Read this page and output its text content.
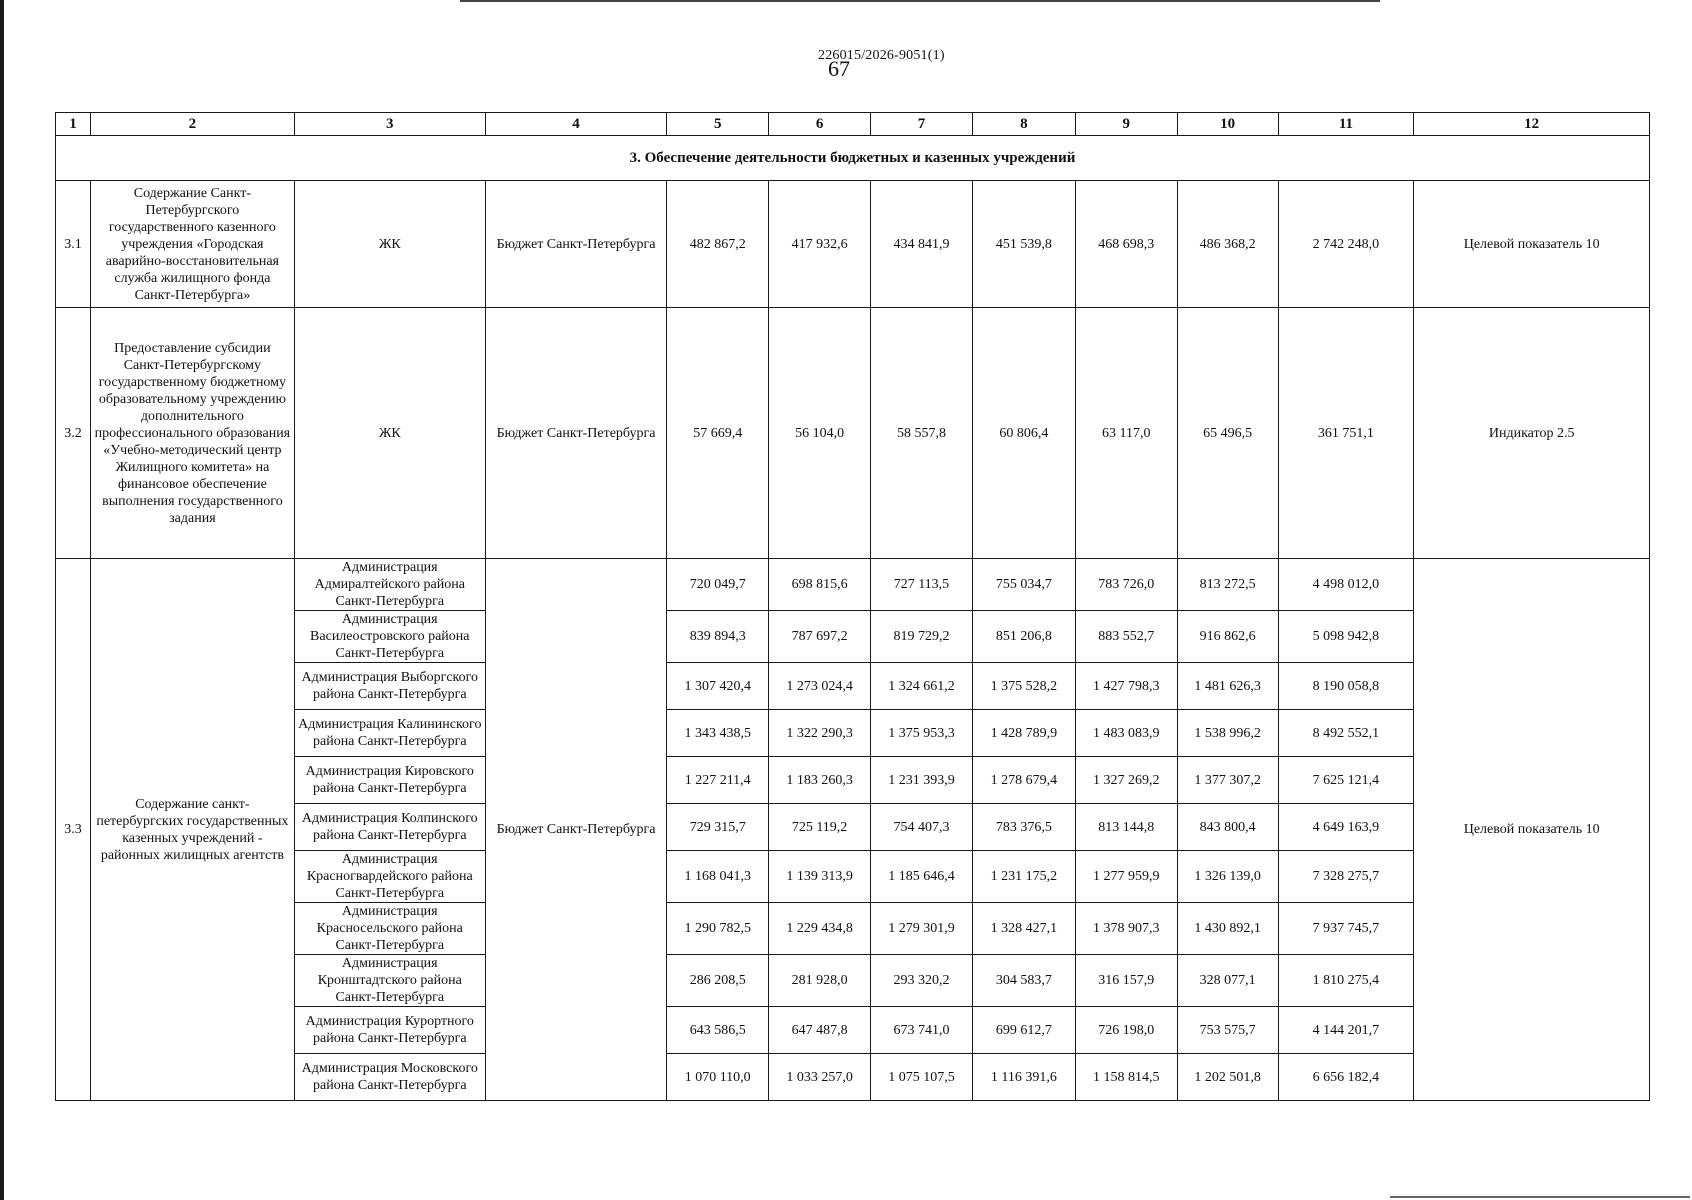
226015/2026-9051(1)
67
1	2	3	4	5	6	7	8	9	10	11	12
3. Обеспечение деятельности бюджетных и казенных учреждений											
3.1	Содержание Санкт-Петербургского государственного казенного учреждения «Городская аварийно-восстановительная служба жилищного фонда Санкт-Петербурга»	ЖК	Бюджет Санкт-Петербурга	482 867,2	417 932,6	434 841,9	451 539,8	468 698,3	486 368,2	2 742 248,0	Целевой показатель 10
3.2	Предоставление субсидии Санкт-Петербургскому государственному бюджетному образовательному учреждению дополнительного профессионального образования «Учебно-методический центр Жилищного комитета» на финансовое обеспечение выполнения государственного задания	ЖК	Бюджет Санкт-Петербурга	57 669,4	56 104,0	58 557,8	60 806,4	63 117,0	65 496,5	361 751,1	Индикатор 2.5
3.3	Содержание санкт-петербургских государственных казенных учреждений - районных жилищных агентств	Администрация Адмиралтейского района Санкт-Петербурга	Бюджет Санкт-Петербурга	720 049,7	698 815,6	727 113,5	755 034,7	783 726,0	813 272,5	4 498 012,0	Целевой показатель 10
		Администрация Василеостровского района Санкт-Петербурга		839 894,3	787 697,2	819 729,2	851 206,8	883 552,7	916 862,6	5 098 942,8	
		Администрация Выборгского района Санкт-Петербурга		1 307 420,4	1 273 024,4	1 324 661,2	1 375 528,2	1 427 798,3	1 481 626,3	8 190 058,8	
		Администрация Калининского района Санкт-Петербурга		1 343 438,5	1 322 290,3	1 375 953,3	1 428 789,9	1 483 083,9	1 538 996,2	8 492 552,1	
		Администрация Кировского района Санкт-Петербурга		1 227 211,4	1 183 260,3	1 231 393,9	1 278 679,4	1 327 269,2	1 377 307,2	7 625 121,4	
		Администрация Колпинского района Санкт-Петербурга		729 315,7	725 119,2	754 407,3	783 376,5	813 144,8	843 800,4	4 649 163,9	
		Администрация Красногвардейского района Санкт-Петербурга		1 168 041,3	1 139 313,9	1 185 646,4	1 231 175,2	1 277 959,9	1 326 139,0	7 328 275,7	
		Администрация Красносельского района Санкт-Петербурга		1 290 782,5	1 229 434,8	1 279 301,9	1 328 427,1	1 378 907,3	1 430 892,1	7 937 745,7	
		Администрация Кронштадтского района Санкт-Петербурга		286 208,5	281 928,0	293 320,2	304 583,7	316 157,9	328 077,1	1 810 275,4	
		Администрация Курортного района Санкт-Петербурга		643 586,5	647 487,8	673 741,0	699 612,7	726 198,0	753 575,7	4 144 201,7	
		Администрация Московского района Санкт-Петербурга		1 070 110,0	1 033 257,0	1 075 107,5	1 116 391,6	1 158 814,5	1 202 501,8	6 656 182,4	
